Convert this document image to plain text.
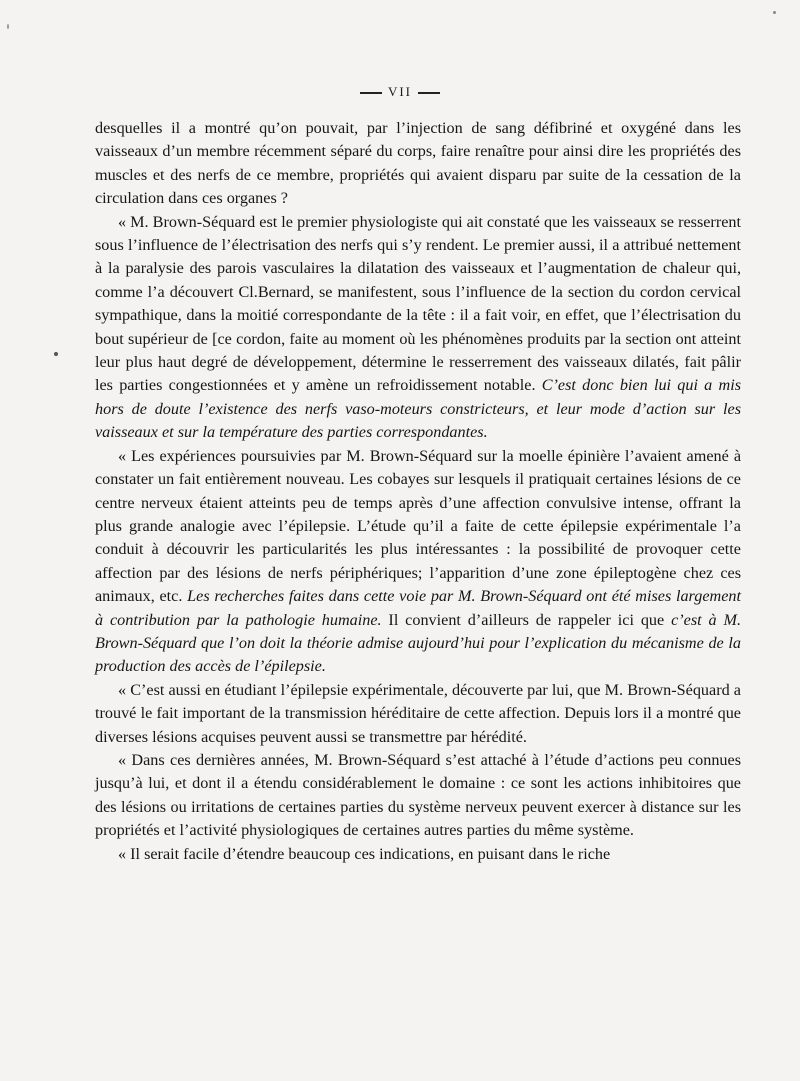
VII

desquelles il a montré qu’on pouvait, par l’injection de sang défibriné et oxygéné dans les vaisseaux d’un membre récemment séparé du corps, faire renaître pour ainsi dire les propriétés des muscles et des nerfs de ce membre, propriétés qui avaient disparu par suite de la cessation de la circulation dans ces organes ?

« M. Brown-Séquard est le premier physiologiste qui ait constaté que les vaisseaux se resserrent sous l’influence de l’électrisation des nerfs qui s’y rendent. Le premier aussi, il a attribué nettement à la paralysie des parois vasculaires la dilatation des vaisseaux et l’augmentation de chaleur qui, comme l’a découvert Cl.Bernard, se manifestent, sous l’influence de la section du cordon cervical sympathique, dans la moitié correspondante de la tête : il a fait voir, en effet, que l’électrisation du bout supérieur de [ce cordon, faite au moment où les phénomènes produits par la section ont atteint leur plus haut degré de développement, détermine le resserrement des vaisseaux dilatés, fait pâlir les parties congestionnées et y amène un refroidissement notable. C’est donc bien lui qui a mis hors de doute l’existence des nerfs vaso-moteurs constricteurs, et leur mode d’action sur les vaisseaux et sur la température des parties correspondantes.

« Les expériences poursuivies par M. Brown-Séquard sur la moelle épinière l’avaient amené à constater un fait entièrement nouveau. Les cobayes sur lesquels il pratiquait certaines lésions de ce centre nerveux étaient atteints peu de temps après d’une affection convulsive intense, offrant la plus grande analogie avec l’épilepsie. L’étude qu’il a faite de cette épilepsie expérimentale l’a conduit à découvrir les particularités les plus intéressantes : la possibilité de provoquer cette affection par des lésions de nerfs périphériques; l’apparition d’une zone épileptogène chez ces animaux, etc. Les recherches faites dans cette voie par M. Brown-Séquard ont été mises largement à contribution par la pathologie humaine. Il convient d’ailleurs de rappeler ici que c’est à M. Brown-Séquard que l’on doit la théorie admise aujourd’hui pour l’explication du mécanisme de la production des accès de l’épilepsie.

« C’est aussi en étudiant l’épilepsie expérimentale, découverte par lui, que M. Brown-Séquard a trouvé le fait important de la transmission héréditaire de cette affection. Depuis lors il a montré que diverses lésions acquises peuvent aussi se transmettre par hérédité.

« Dans ces dernières années, M. Brown-Séquard s’est attaché à l’étude d’actions peu connues jusqu’à lui, et dont il a étendu considérablement le domaine : ce sont les actions inhibitoires que des lésions ou irritations de certaines parties du système nerveux peuvent exercer à distance sur les propriétés et l’activité physiologiques de certaines autres parties du même système.

« Il serait facile d’étendre beaucoup ces indications, en puisant dans le riche
